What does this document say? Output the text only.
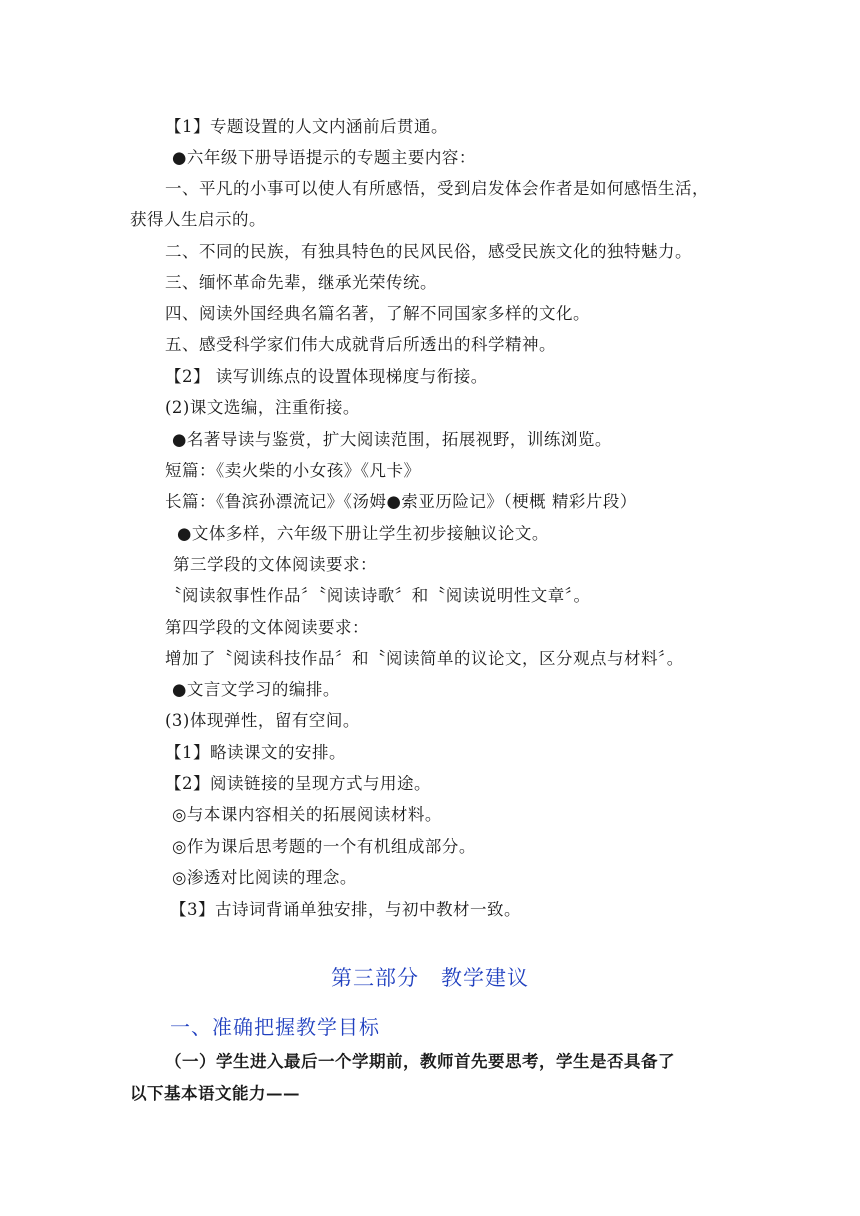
【1】专题设置的人文内涵前后贯通。
●六年级下册导语提示的专题主要内容：
一、平凡的小事可以使人有所感悟，受到启发体会作者是如何感悟生活，
获得人生启示的。
二、不同的民族，有独具特色的民风民俗，感受民族文化的独特魅力。
三、缅怀革命先辈，继承光荣传统。
四、阅读外国经典名篇名著，了解不同国家多样的文化。
五、感受科学家们伟大成就背后所透出的科学精神。
【2】 读写训练点的设置体现梯度与衔接。
(2)课文选编，注重衔接。
●名著导读与鉴赏，扩大阅读范围，拓展视野，训练浏览。
短篇：《卖火柴的小女孩》《凡卡》
长篇：《鲁滨孙漂流记》《汤姆●索亚历险记》（梗概 精彩片段）
●文体多样，六年级下册让学生初步接触议论文。
第三学段的文体阅读要求：
〝阅读叙事性作品〞〝阅读诗歌〞和〝阅读说明性文章〞。
第四学段的文体阅读要求：
增加了〝阅读科技作品〞和〝阅读简单的议论文，区分观点与材料〞。
●文言文学习的编排。
(3)体现弹性，留有空间。
【1】略读课文的安排。
【2】阅读链接的呈现方式与用途。
◎与本课内容相关的拓展阅读材料。
◎作为课后思考题的一个有机组成部分。
◎渗透对比阅读的理念。
【3】古诗词背诵单独安排，与初中教材一致。
第三部分　教学建议
一、准确把握教学目标
（一）学生进入最后一个学期前，教师首先要思考，学生是否具备了
以下基本语文能力——
